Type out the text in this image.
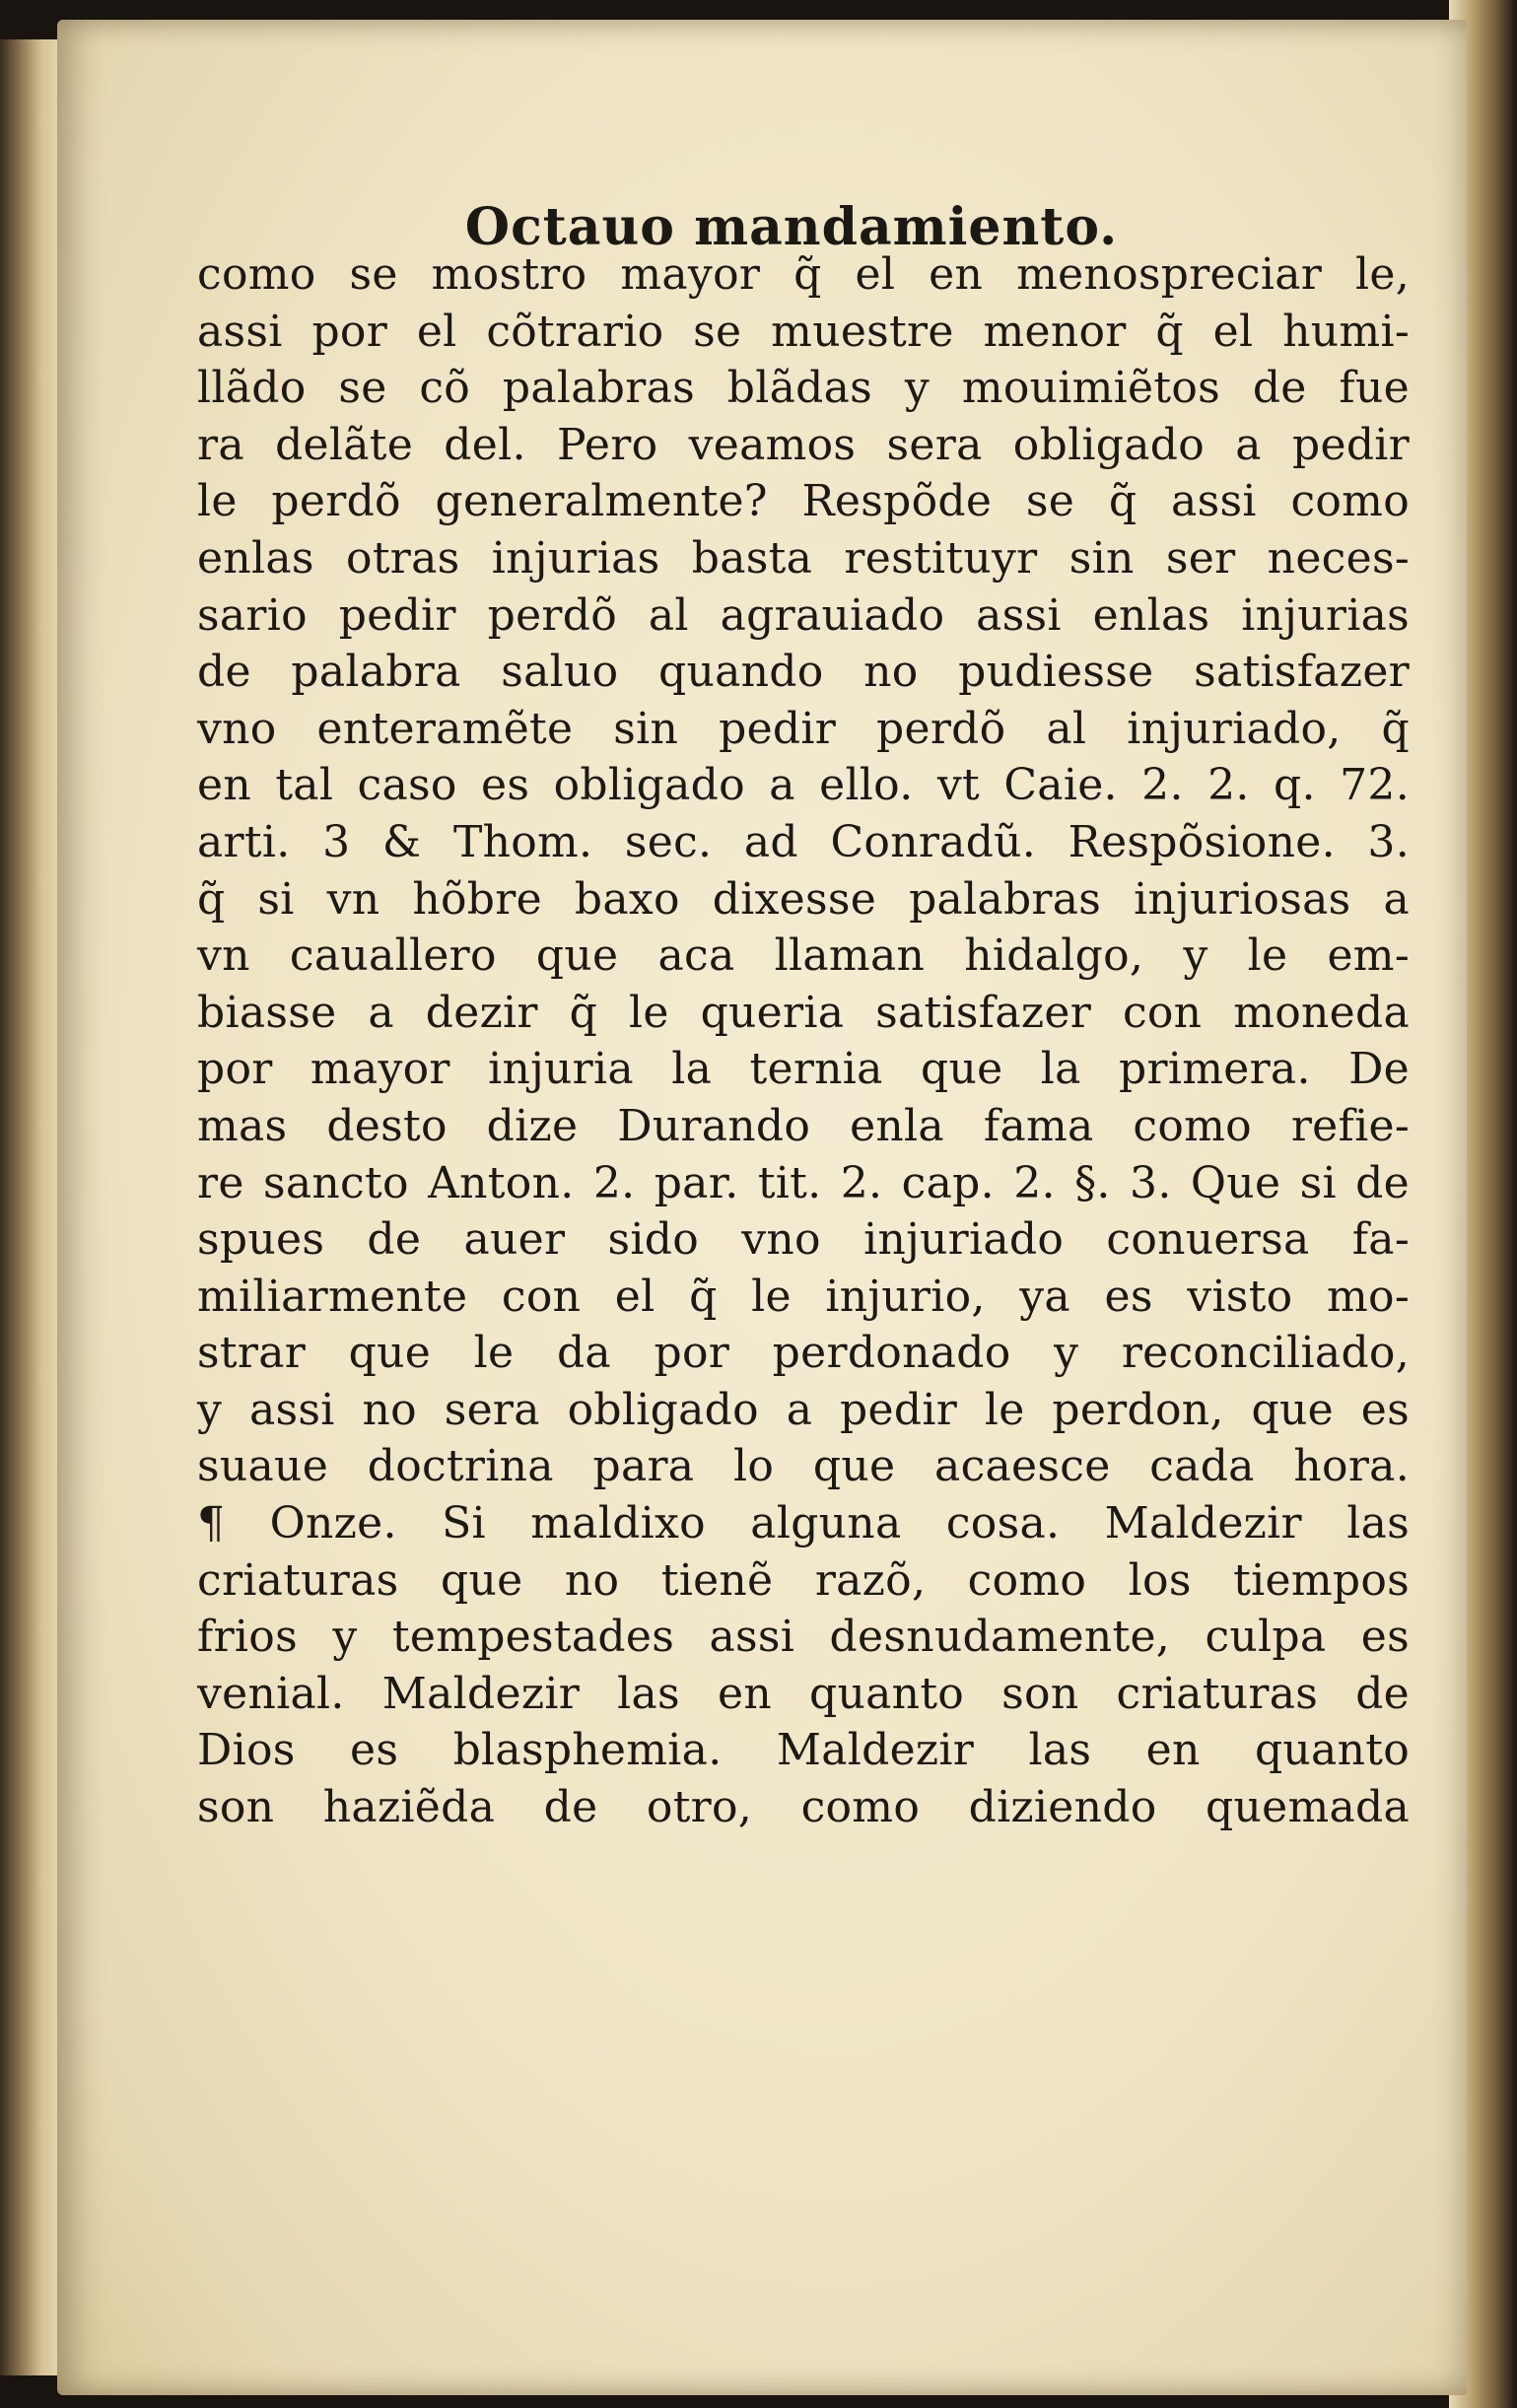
Octauo mandamiento.

como se mostro mayor q̃ el en menospreciar le,

assi por el cõtrario se muestre menor q̃ el humi-

llãdo se cõ palabras blãdas y mouimiẽtos de fue

ra delãte del. Pero veamos sera obligado a pedir

le perdõ generalmente? Respõde se q̃ assi como

enlas otras injurias basta restituyr sin ser neces-

sario pedir perdõ al agrauiado assi enlas injurias

de palabra saluo quando no pudiesse satisfazer

vno enteramẽte sin pedir perdõ al injuriado, q̃

en tal caso es obligado a ello. vt Caie. 2. 2. q. 72.

arti. 3 & Thom. sec. ad Conradũ. Respõsione. 3.

q̃ si vn hõbre baxo dixesse palabras injuriosas a

vn cauallero que aca llaman hidalgo, y le em-

biasse a dezir q̃ le queria satisfazer con moneda

por mayor injuria la ternia que la primera. De

mas desto dize Durando enla fama como refie-

re sancto Anton. 2. par. tit. 2. cap. 2. §. 3. Que si de

spues de auer sido vno injuriado conuersa fa-

miliarmente con el q̃ le injurio, ya es visto mo-

strar que le da por perdonado y reconciliado,

y assi no sera obligado a pedir le perdon, que es

suaue doctrina para lo que acaesce cada hora.

¶ Onze. Si maldixo alguna cosa. Maldezir las

criaturas que no tienẽ razõ, como los tiempos

frios y tempestades assi desnudamente, culpa es

venial. Maldezir las en quanto son criaturas de

Dios es blasphemia. Maldezir las en quanto

son haziẽda de otro, como diziendo quemada
